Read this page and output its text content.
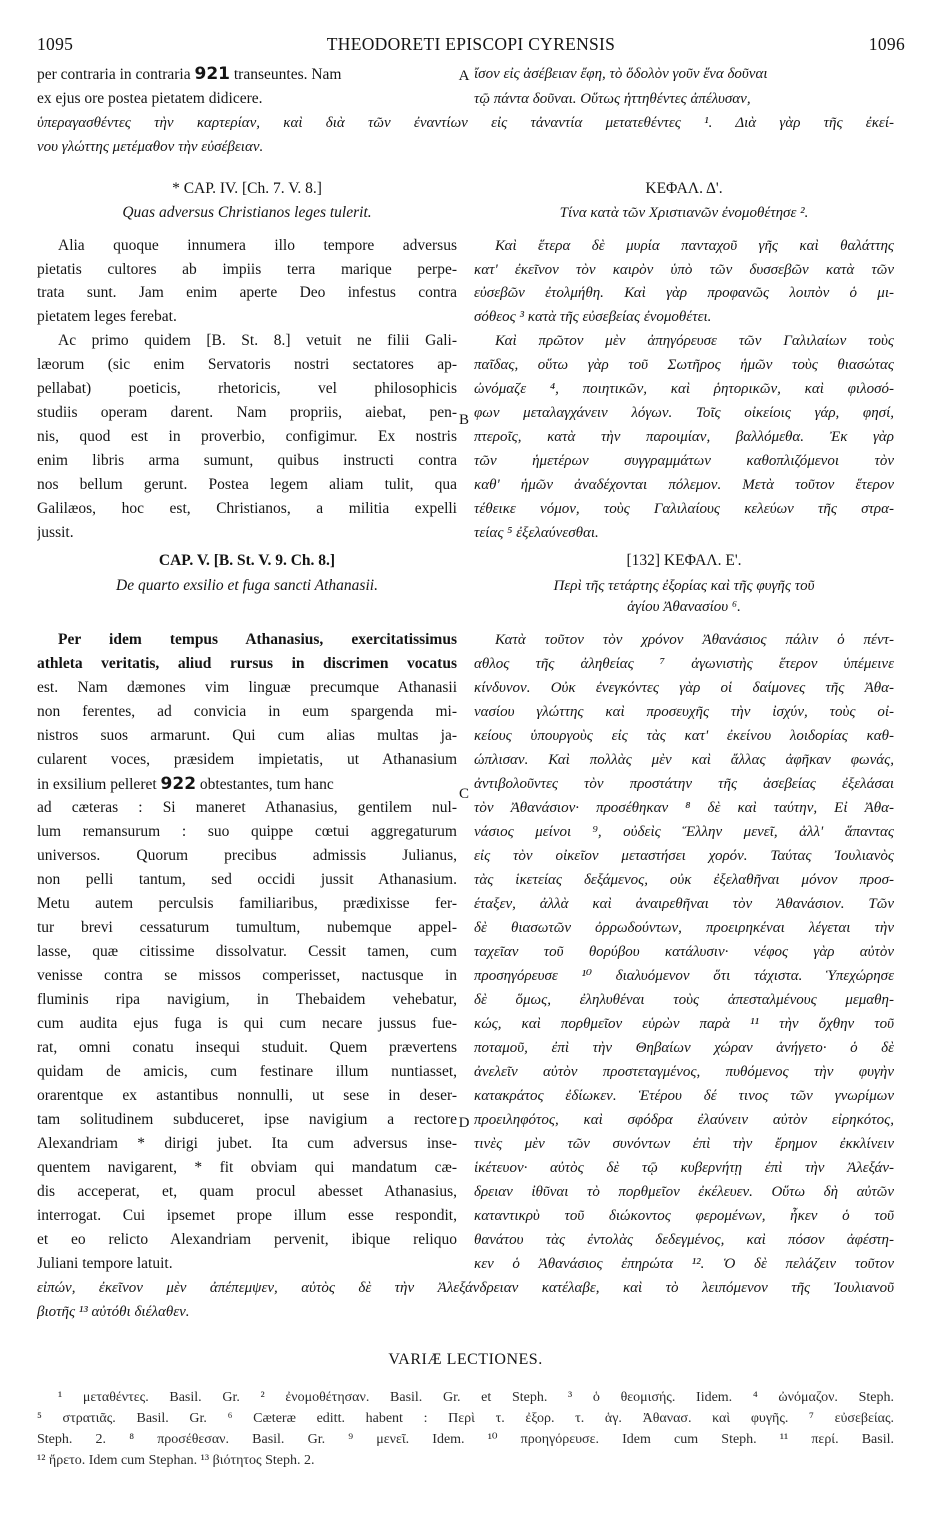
1095	THEODORETI EPISCOPI CYRENSIS	1096
per contraria in contraria 921 transeuntes. Nam	A ἴσον εἰς ἀσέβειαν ἔφη, τὸ ὅδολὸν γοῦν ἕνα δοῦναι
ex ejus ore postea pietatem didicere.	τῷ πάντα δοῦναι. Οὕτως ἡττηθέντες ἀπέλυσαν,
ὑπεραγασθέντες τὴν καρτερίαν, καὶ διὰ τῶν ἐναντίων εἰς τἀναντία μετατεθέντες ¹. Διὰ γὰρ τῆς ἐκεί-
νου γλώττης μετέμαθον τὴν εὐσέβειαν.
* CAP. IV. [Ch. 7. V. 8.]
Quas adversus Christianos leges tulerit.
ΚΕΦΑΛ. Δ'.
Τίνα κατὰ τῶν Χριστιανῶν ἐνομοθέτησε ².
Alia quoque innumera illo tempore adversus
pietatis cultores ab impiis terra marique perpe-
trata sunt. Jam enim aperte Deo infestus contra
pietatem leges ferebat.
Ac primo quidem [B. St. 8.] vetuit ne filii Gali-
læorum (sic enim Servatoris nostri sectatores ap-
pellabat) poeticis, rhetoricis, vel philosophicis
studiis operam darent. Nam propriis, aiebat, pen-
nis, quod est in proverbio, configimur. Ex nostris
enim libris arma sumunt, quibus instructi contra
nos bellum gerunt. Postea legem aliam tulit, qua
Galilæos, hoc est, Christianos, a militia expelli
jussit.
B
Καὶ ἕτερα δὲ μυρία πανταχοῦ γῆς καὶ θαλάττης
κατ' ἐκεῖνον τὸν καιρὸν ὑπὸ τῶν δυσσεβῶν κατὰ τῶν
εὐσεβῶν ἐτολμήθη. Καὶ γὰρ προφανῶς λοιπὸν ὁ μι-
σόθεος ³ κατὰ τῆς εὐσεβείας ἐνομοθέτει.
Καὶ πρῶτον μὲν ἀπηγόρευσε τῶν Γαλιλαίων τοὺς
παῖδας, οὕτω γὰρ τοῦ Σωτῆρος ἡμῶν τοὺς θιασώτας
ὠνόμαζε ⁴, ποιητικῶν, καὶ ῥητορικῶν, καὶ φιλοσό-
φων μεταλαγχάνειν λόγων. Τοῖς οἰκείοις γάρ, φησί,
πτεροῖς, κατὰ τὴν παροιμίαν, βαλλόμεθα. Ἐκ γὰρ
τῶν ἡμετέρων συγγραμμάτων καθοπλιζόμενοι τὸν
καθ' ἡμῶν ἀναδέχονται πόλεμον. Μετὰ τοῦτον ἕτερον
τέθεικε νόμον, τοὺς Γαλιλαίους κελεύων τῆς στρα-
τείας ⁵ ἐξελαύνεσθαι.
CAP. V. [B. St. V. 9. Ch. 8.]
De quarto exsilio et fuga sancti Athanasii.
[132] ΚΕΦΑΛ. Ε'.
Περὶ τῆς τετάρτης ἐξορίας καὶ τῆς φυγῆς τοῦ
ἁγίου Ἀθανασίου ⁶.
Per idem tempus Athanasius, exercitatissimus
athleta veritatis, aliud rursus in discrimen vocatus
est. Nam dæmones vim linguæ precumque Athanasii
non ferentes, ad convicia in eum spargenda mi-
nistros suos armarunt. Qui cum alias multas ja-
cularent voces, præsidem impietatis, ut Athanasium
in exsilium pelleret 922 obtestantes, tum hanc
ad cæteras : Si maneret Athanasius, gentilem nul-
lum remansurum : suo quippe cœtui aggregaturum
universos. Quorum precibus admissis Julianus,
non pelli tantum, sed occidi jussit Athanasium.
Metu autem perculsis familiaribus, prædixisse fer-
tur brevi cessaturum tumultum, nubemque appel-
lasse, quæ citissime dissolvatur. Cessit tamen, cum
venisse contra se missos comperisset, nactusque in
fluminis ripa navigium, in Thebaidem vehebatur,
cum audita ejus fuga is qui cum necare jussus fue-
rat, omni conatu insequi studuit. Quem prævertens
quidam de amicis, cum festinare illum nuntiasset,
orarentque ex astantibus nonnulli, ut sese in deser-
tam solitudinem subduceret, ipse navigium a rectore
Alexandriam * dirigi jubet. Ita cum adversus inse-
quentem navigarent, * fit obviam qui mandatum cæ-
dis acceperat, et, quam procul abesset Athanasius,
interrogat. Cui ipsemet prope illum esse respondit,
et eo relicto Alexandriam pervenit, ibique reliquo
Juliani tempore latuit.
C
D
Κατὰ τοῦτον τὸν χρόνον Ἀθανάσιος πάλιν ὁ πέντ-
αθλος τῆς ἀληθείας ⁷ ἀγωνιστὴς ἕτερον ὑπέμεινε
κίνδυνον. Οὐκ ἐνεγκόντες γὰρ οἱ δαίμονες τῆς Ἀθα-
νασίου γλώττης καὶ προσευχῆς τὴν ἰσχύν, τοὺς οἰ-
κείους ὑπουργοὺς εἰς τὰς κατ' ἐκείνου λοιδορίας καθ-
ώπλισαν. Καὶ πολλὰς μὲν καὶ ἄλλας ἀφῆκαν φωνάς,
ἀντιβολοῦντες τὸν προστάτην τῆς ἀσεβείας ἐξελάσαι
τὸν Ἀθανάσιον· προσέθηκαν ⁸ δὲ καὶ ταύτην, Εἰ Ἀθα-
νάσιος μείνοι ⁹, οὐδεὶς Ἕλλην μενεῖ, ἀλλ' ἅπαντας
εἰς τὸν οἰκεῖον μεταστήσει χορόν. Ταύτας Ἰουλιανὸς
τὰς ἱκετείας δεξάμενος, οὐκ ἐξελαθῆναι μόνον προσ-
έταξεν, ἀλλὰ καὶ ἀναιρεθῆναι τὸν Ἀθανάσιον. Τῶν
δὲ θιασωτῶν ὀρρωδούντων, προειρηκέναι λέγεται τὴν
ταχεῖαν τοῦ θορύβου κατάλυσιν· νέφος γὰρ αὐτὸν
προσηγόρευσε ¹⁰ διαλυόμενον ὅτι τάχιστα. Ὑπεχώρησε
δὲ ὅμως, ἐληλυθέναι τοὺς ἀπεσταλμένους μεμαθη-
κώς, καὶ πορθμεῖον εὑρὼν παρὰ ¹¹ τὴν ὄχθην τοῦ
ποταμοῦ, ἐπὶ τὴν Θηβαίων χώραν ἀνήγετο· ὁ δὲ
ἀνελεῖν αὐτὸν προστεταγμένος, πυθόμενος τὴν φυγὴν
κατακράτος ἐδίωκεν. Ἑτέρου δέ τινος τῶν γνωρίμων
προειληφότος, καὶ σφόδρα ἐλαύνειν αὐτὸν εἰρηκότος,
τινὲς μὲν τῶν συνόντων ἐπὶ τὴν ἔρημον ἐκκλίνειν
ἱκέτευον· αὐτὸς δὲ τῷ κυβερνήτῃ ἐπὶ τὴν Ἀλεξάν-
δρειαν ἰθῦναι τὸ πορθμεῖον ἐκέλευεν. Οὕτω δὴ αὐτῶν
καταντικρὺ τοῦ διώκοντος φερομένων, ἧκεν ὁ τοῦ
θανάτου τὰς ἐντολὰς δεδεγμένος, καὶ πόσον ἀφέστη-
κεν ὁ Ἀθανάσιος ἐπηρώτα ¹². Ὁ δὲ πελάζειν τοῦτον
εἰπών, ἐκεῖνον μὲν ἀπέπεμψεν, αὐτὸς δὲ τὴν Ἀλεξάνδρειαν κατέλαβε, καὶ τὸ λειπόμενον τῆς Ἰουλιανοῦ
βιοτῆς ¹³ αὐτόθι διέλαθεν.
VARIÆ LECTIONES.
¹ μεταθέντες. Basil. Gr. ² ἐνομοθέτησαν. Basil. Gr. et Steph. ³ ὁ θεομισής. Iidem. ⁴ ὠνόμαζον. Steph.
⁵ στρατιᾶς. Basil. Gr. ⁶ Cæteræ editt. habent : Περὶ τ. ἐξορ. τ. ἁγ. Ἀθανασ. καὶ φυγῆς. ⁷ εὐσεβείας.
Steph. 2. ⁸ προσέθεσαν. Basil. Gr. ⁹ μενεῖ. Idem. ¹⁰ προηγόρευσε. Idem cum Steph. ¹¹ περί. Basil.
¹² ἤρετο. Idem cum Stephan. ¹³ βιότητος Steph. 2.
